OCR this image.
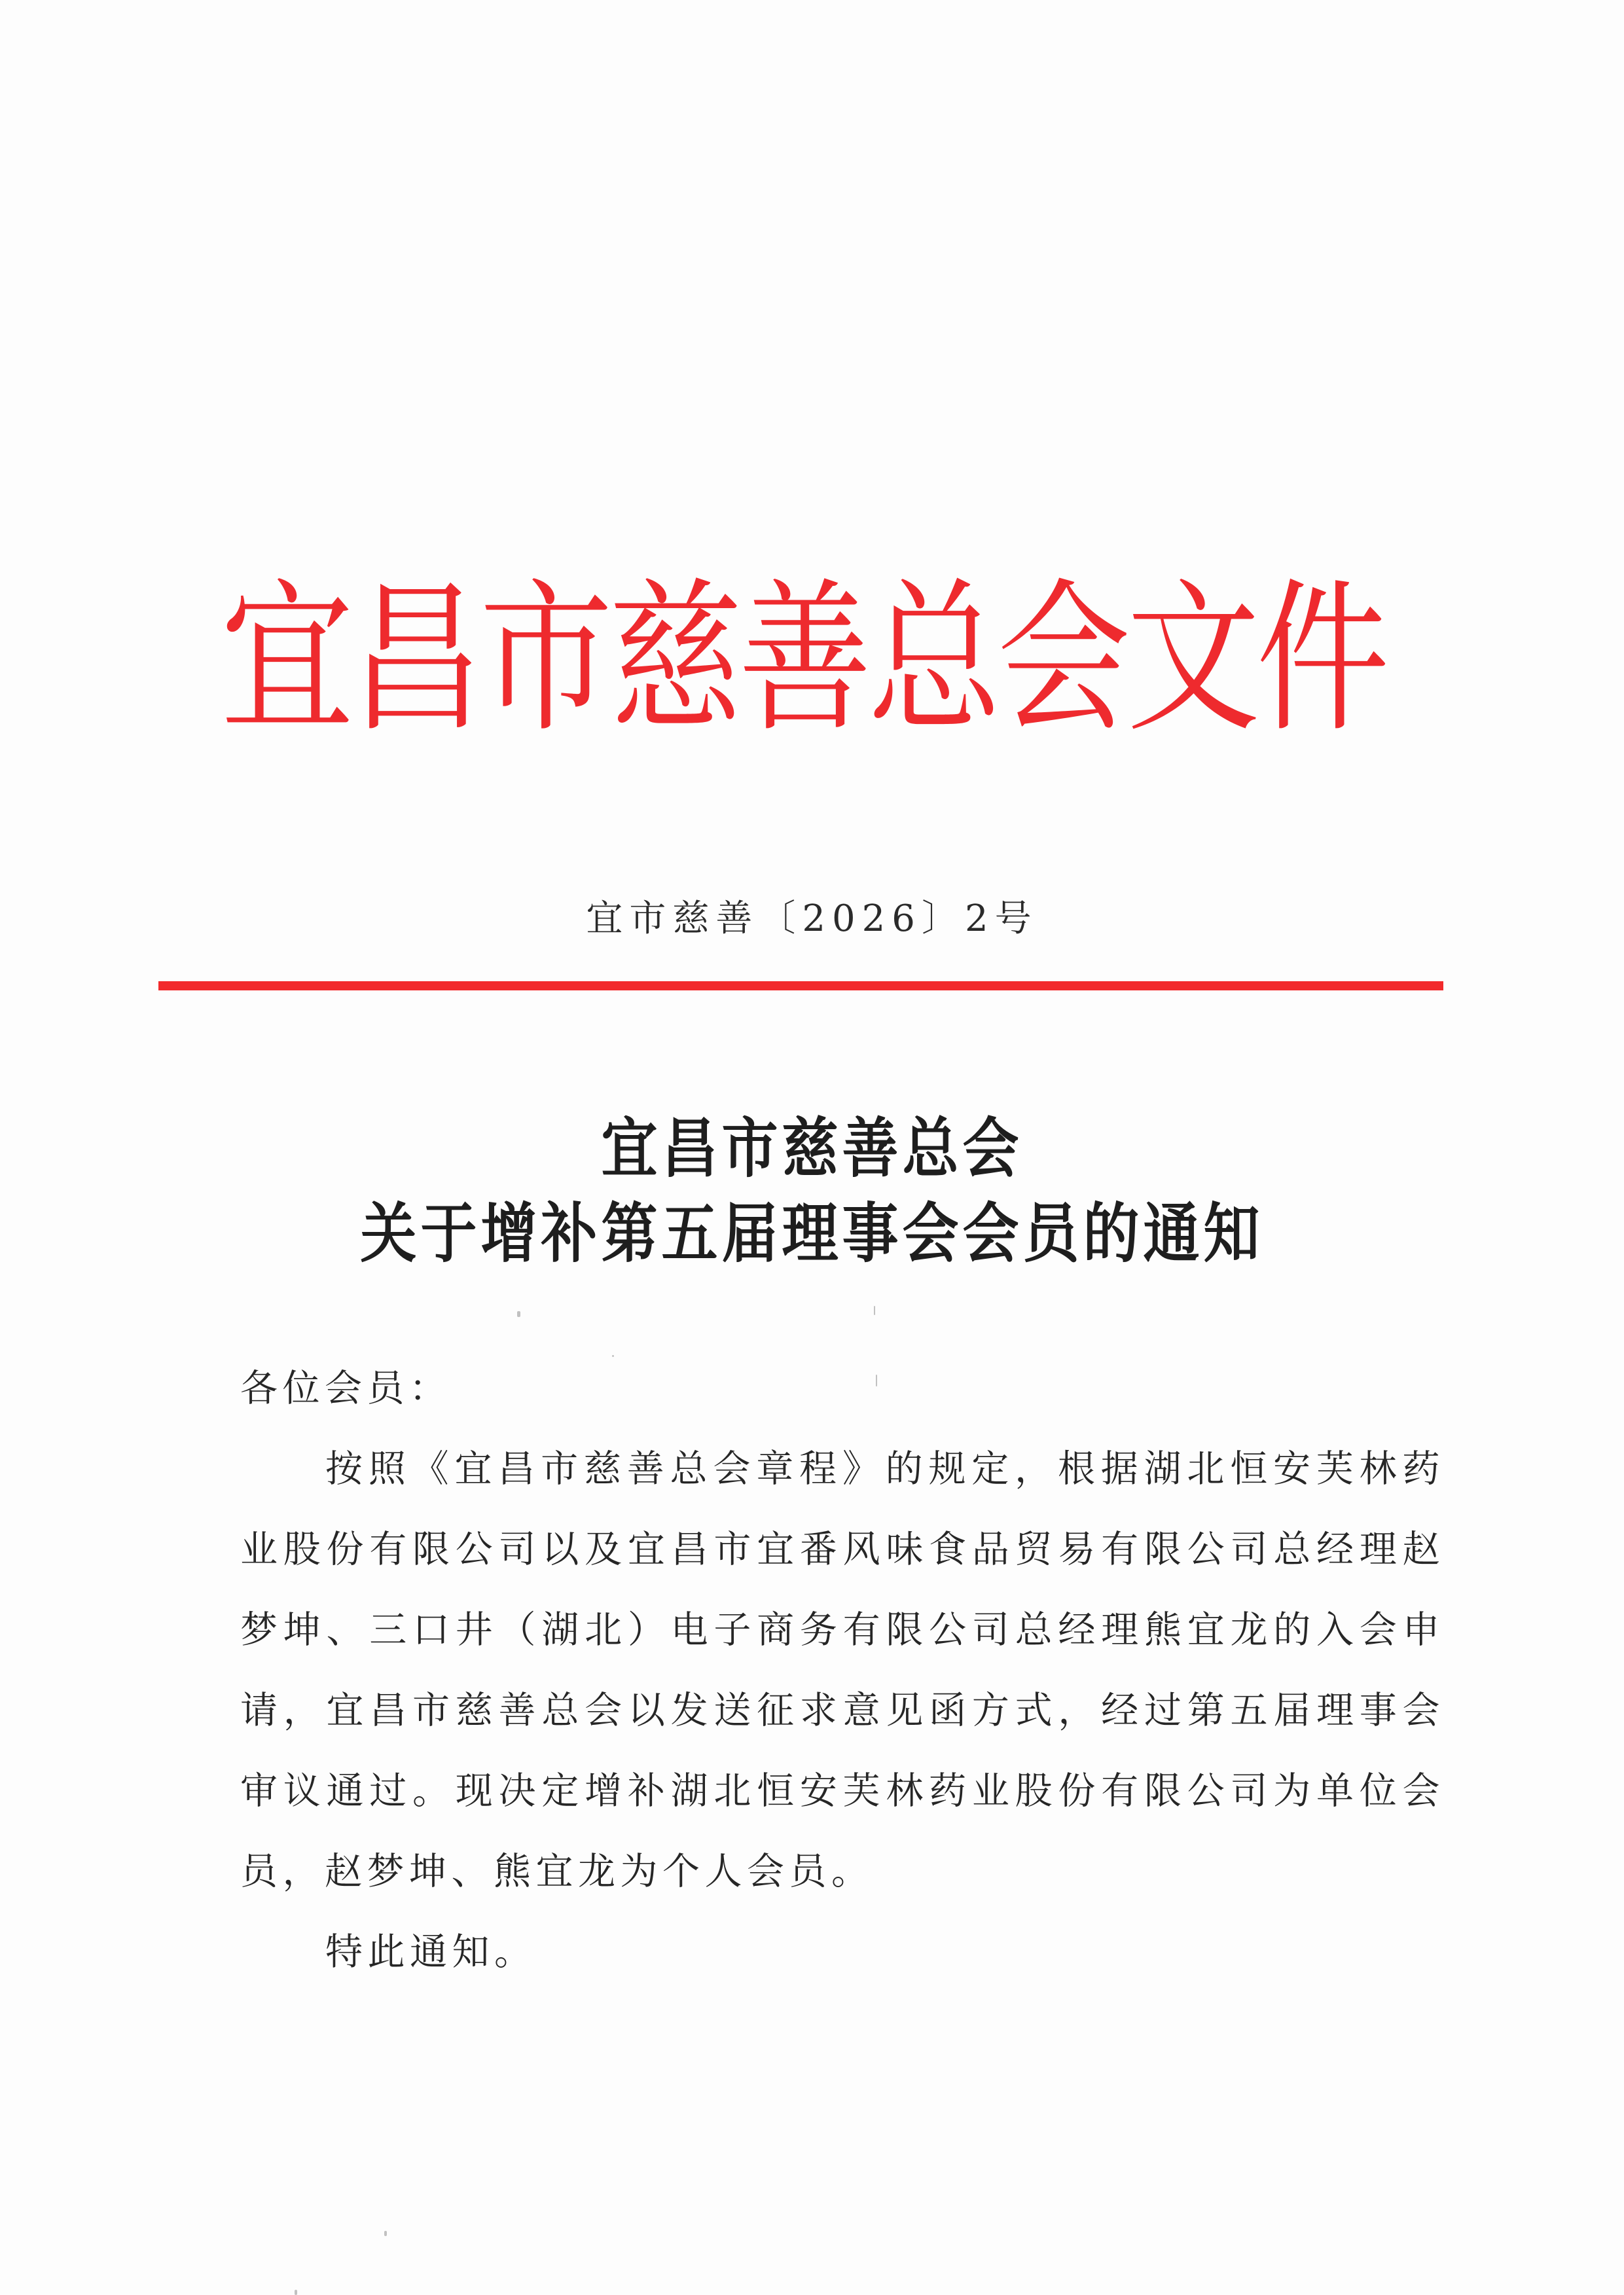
宜昌市慈善总会文件
宜市慈善〔2026〕2号
宜昌市慈善总会
关于增补第五届理事会会员的通知
各位会员：

按照《宜昌市慈善总会章程》的规定，根据湖北恒安芙林药业股份有限公司以及宜昌市宜番风味食品贸易有限公司总经理赵梦坤、三口井（湖北）电子商务有限公司总经理熊宜龙的入会申请，宜昌市慈善总会以发送征求意见函方式，经过第五届理事会审议通过。现决定增补湖北恒安芙林药业股份有限公司为单位会员，赵梦坤、熊宜龙为个人会员。

特此通知。
